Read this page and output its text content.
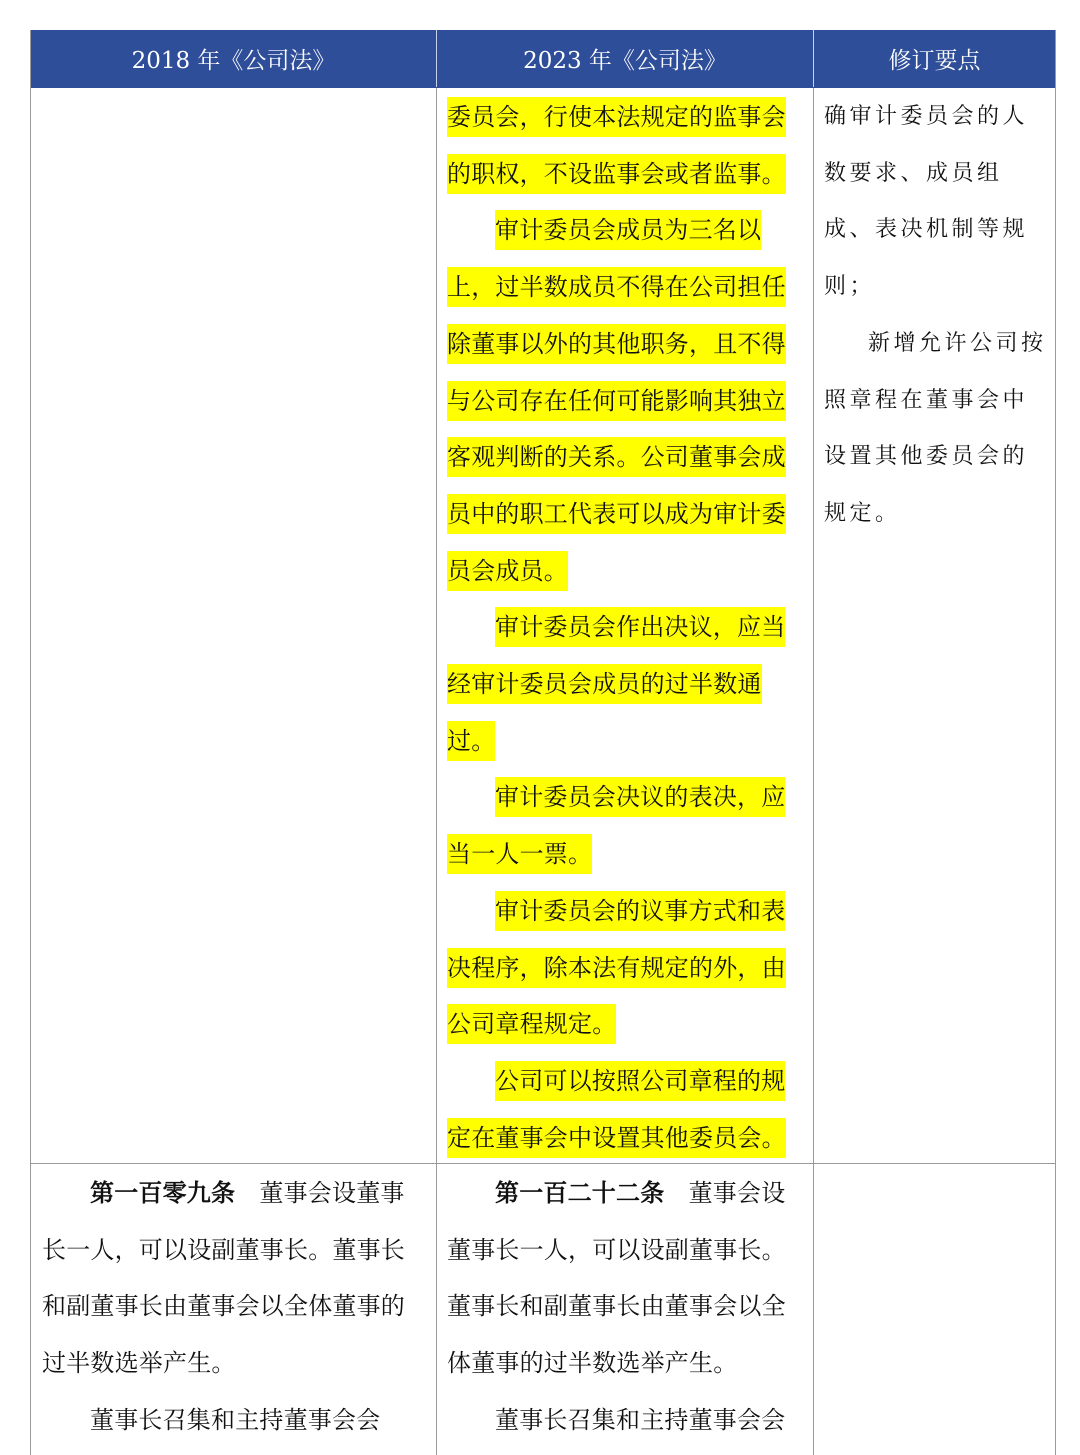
2018 年《公司法》	2023 年《公司法》	修订要点

委员会，行使本法规定的监事会的职权，不设监事会或者监事。

审计委员会成员为三名以上，过半数成员不得在公司担任除董事以外的其他职务，且不得与公司存在任何可能影响其独立客观判断的关系。公司董事会成员中的职工代表可以成为审计委员会成员。

审计委员会作出决议，应当经审计委员会成员的过半数通过。

审计委员会决议的表决，应当一人一票。

审计委员会的议事方式和表决程序，除本法有规定的外，由公司章程规定。

公司可以按照公司章程的规定在董事会中设置其他委员会。

确审计委员会的人数要求、成员组成、表决机制等规则；

新增允许公司按照章程在董事会中设置其他委员会的规定。

第一百零九条　 董事会设董事长一人，可以设副董事长。董事长和副董事长由董事会以全体董事的过半数选举产生。

董事长召集和主持董事会会

第一百二十二条　 董事会设董事长一人，可以设副董事长。董事长和副董事长由董事会以全体董事的过半数选举产生。

董事长召集和主持董事会会
